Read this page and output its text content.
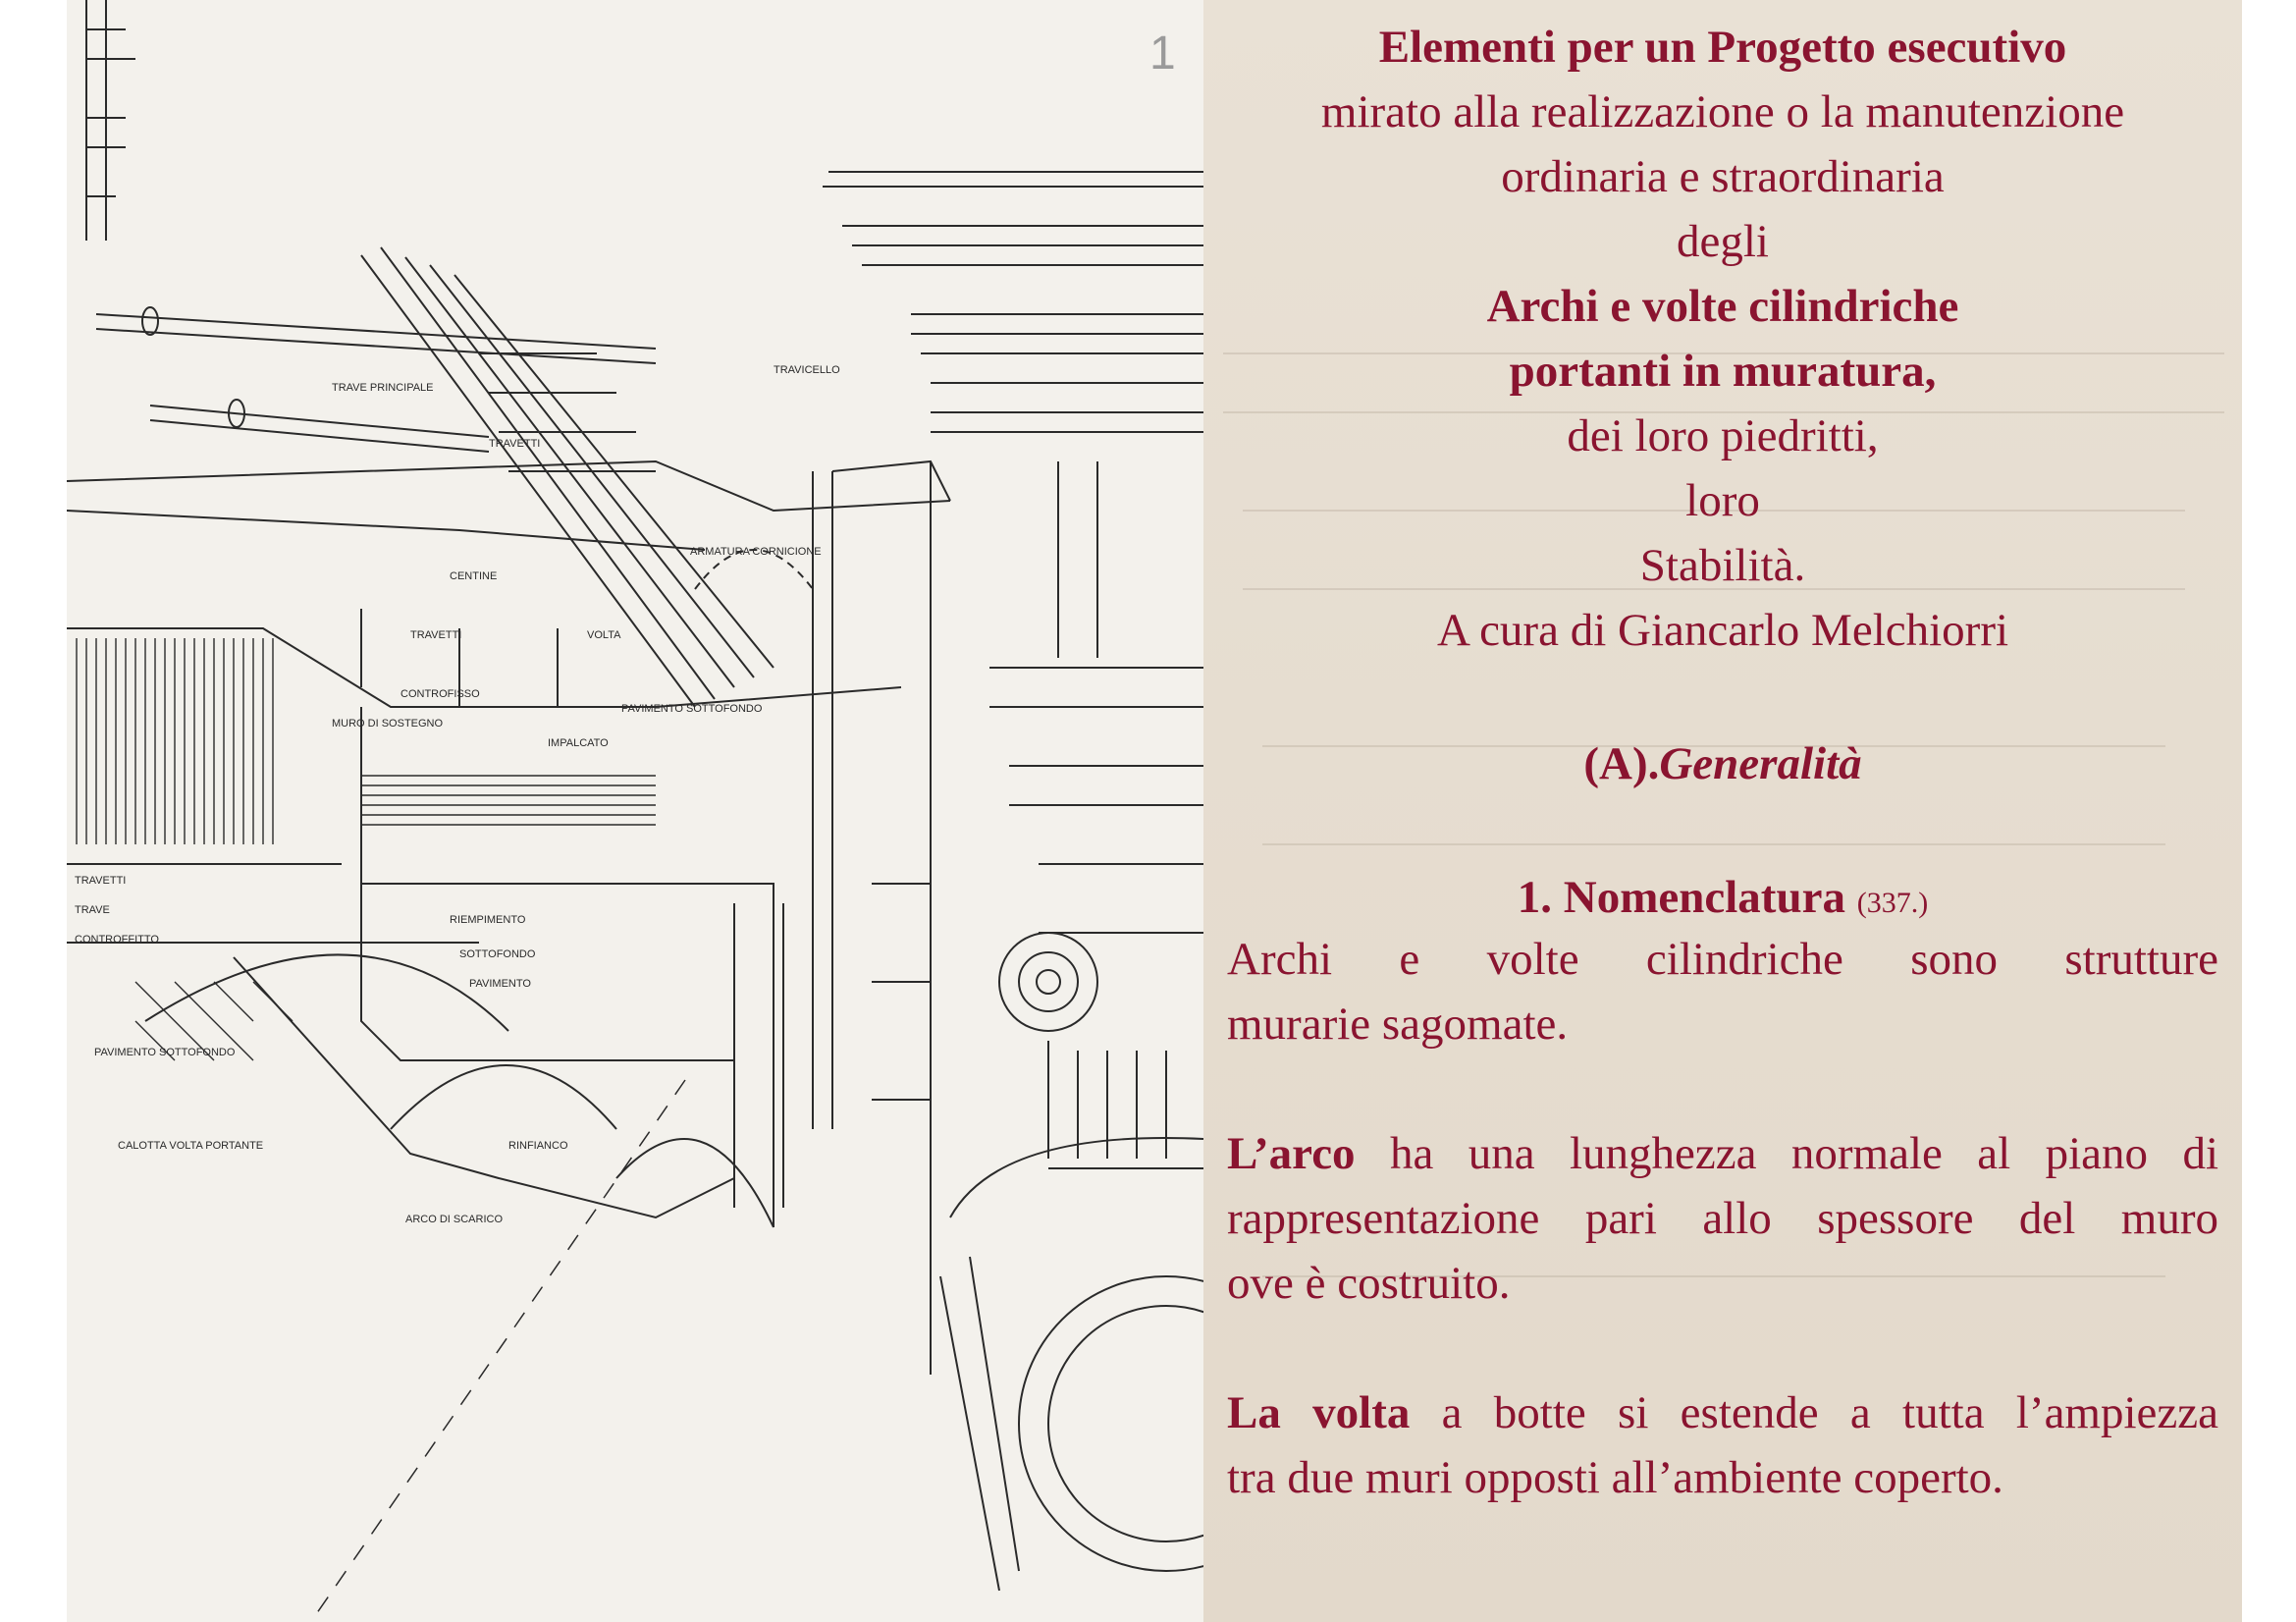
1
TRAVE PRINCIPALE
TRAVETTI
TRAVICELLO
ARMATURA CORNICIONE
CENTINE
TRAVETTI	VOLTA
CONTROFISSO
MURO DI SOSTEGNO
PAVIMENTO SOTTOFONDO
IMPALCATO
TRAVETTI
TRAVE
CONTROFFITTO
RIEMPIMENTO
SOTTOFONDO
PAVIMENTO
PAVIMENTO SOTTOFONDO
CALOTTA VOLTA PORTANTE	RINFIANCO
ARCO DI SCARICO
Elementi per un Progetto esecutivo
mirato alla realizzazione o la manutenzione
ordinaria e straordinaria
degli
Archi e volte cilindriche
portanti in muratura,
dei loro piedritti,
loro
Stabilità.
A cura di Giancarlo Melchiorri
(A).Generalità
1. Nomenclatura (337.)
Archi e volte cilindriche sono strutture
murarie sagomate.
L’arco ha una lunghezza normale al piano di
rappresentazione pari allo spessore del muro
ove è costruito.
La volta a botte si estende a tutta l’ampiezza
tra due muri opposti all’ambiente coperto.
